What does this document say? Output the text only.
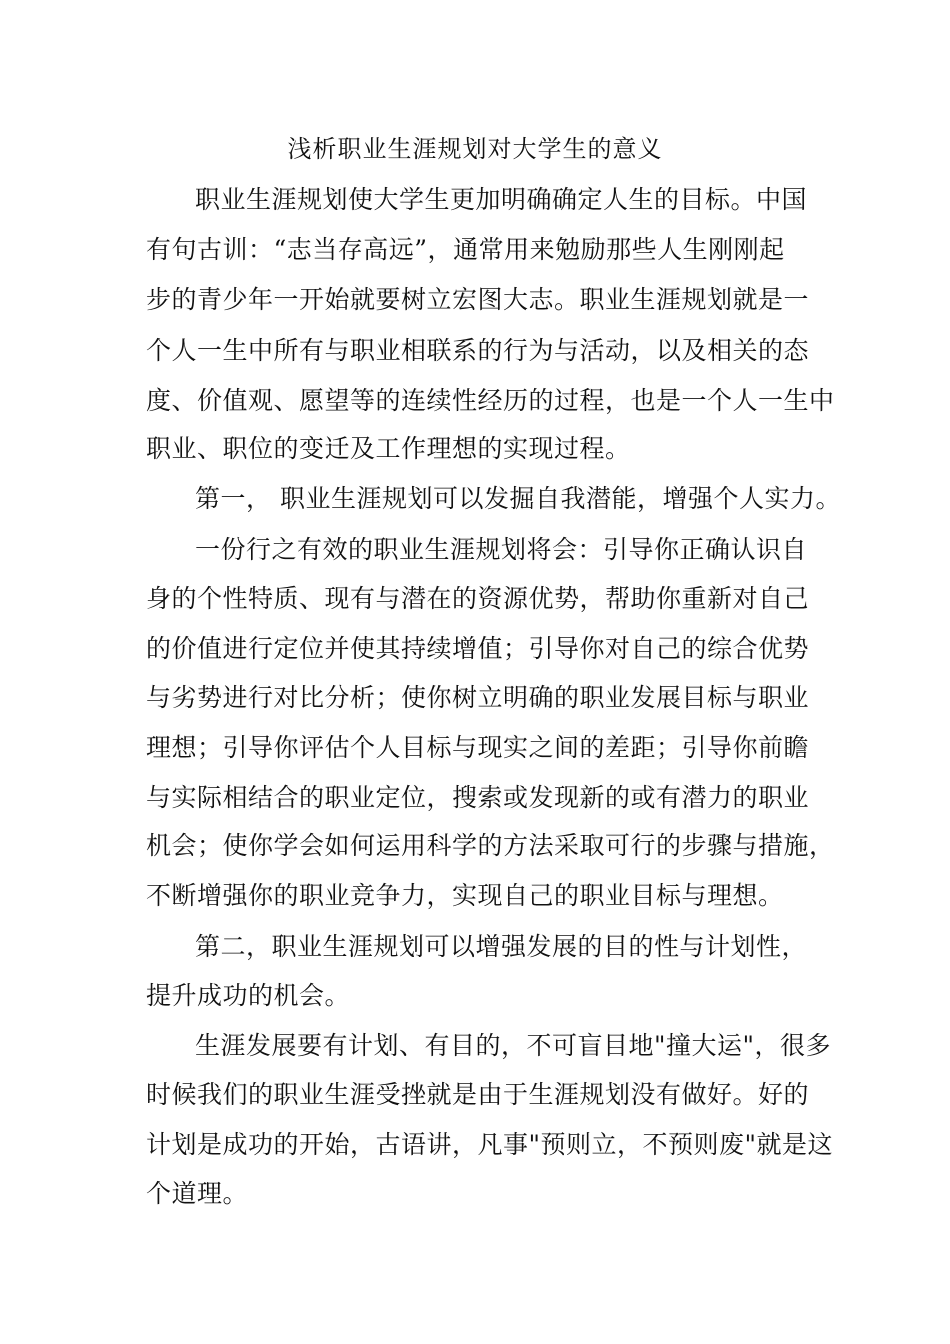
浅析职业生涯规划对大学生的意义
职业生涯规划使大学生更加明确确定人生的目标。中国
有句古训：“志当存高远”，通常用来勉励那些人生刚刚起
步的青少年一开始就要树立宏图大志。职业生涯规划就是一
个人一生中所有与职业相联系的行为与活动，以及相关的态
度、价值观、愿望等的连续性经历的过程，也是一个人一生中
职业、职位的变迁及工作理想的实现过程。
第一， 职业生涯规划可以发掘自我潜能，增强个人实力。
一份行之有效的职业生涯规划将会：引导你正确认识自
身的个性特质、现有与潜在的资源优势，帮助你重新对自己
的价值进行定位并使其持续增值；引导你对自己的综合优势
与劣势进行对比分析；使你树立明确的职业发展目标与职业
理想；引导你评估个人目标与现实之间的差距；引导你前瞻
与实际相结合的职业定位，搜索或发现新的或有潜力的职业
机会；使你学会如何运用科学的方法采取可行的步骤与措施，
不断增强你的职业竞争力，实现自己的职业目标与理想。
第二，职业生涯规划可以增强发展的目的性与计划性，
提升成功的机会。
生涯发展要有计划、有目的，不可盲目地"撞大运"，很多
时候我们的职业生涯受挫就是由于生涯规划没有做好。好的
计划是成功的开始，古语讲，凡事"预则立，不预则废"就是这
个道理。
